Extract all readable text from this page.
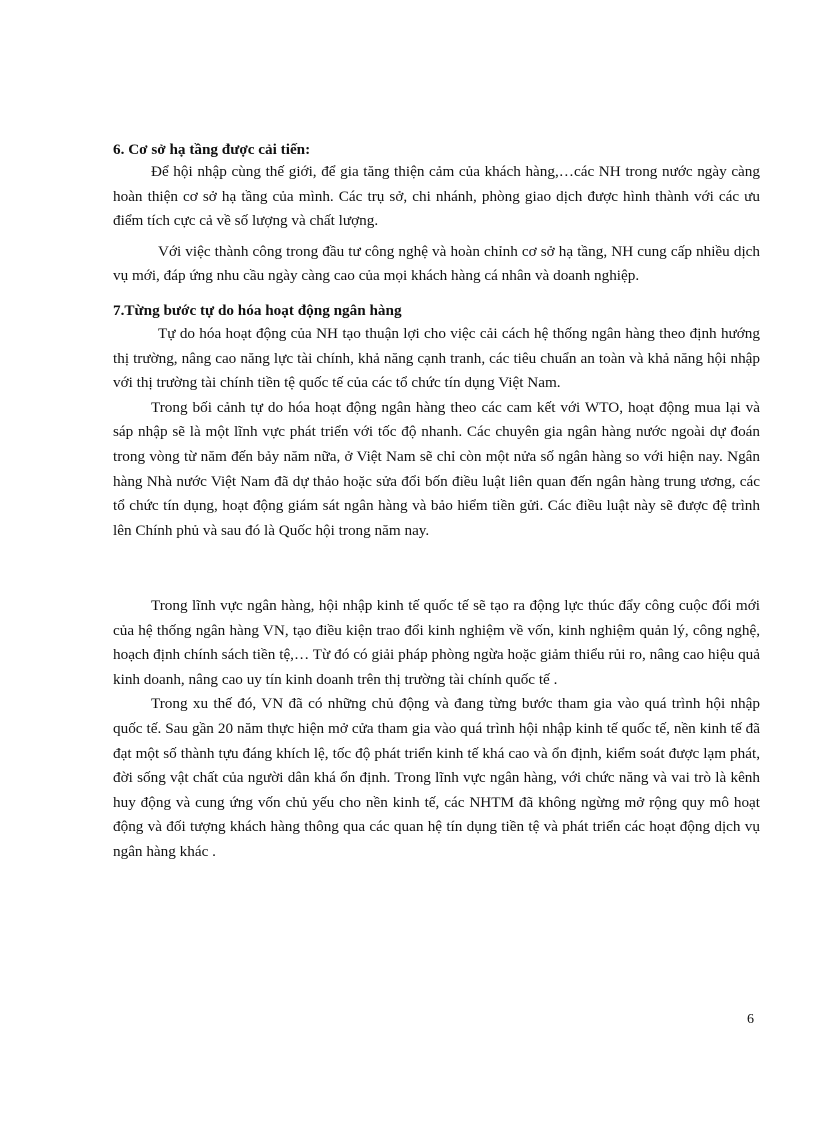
6. Cơ sở hạ tầng được cải tiến:

Để hội nhập cùng thế giới, để gia tăng thiện cảm của khách hàng,…các NH trong nước ngày càng hoàn thiện cơ sở hạ tầng của mình. Các trụ sở, chi nhánh, phòng giao dịch được hình thành với các ưu điểm tích cực cả về số lượng và chất lượng.

Với việc thành công trong đầu tư công nghệ và hoàn chỉnh cơ sở hạ tầng, NH cung cấp nhiều dịch vụ mới, đáp ứng nhu cầu ngày càng cao của mọi khách hàng cá nhân và doanh nghiệp.

7.Từng bước tự do hóa hoạt động ngân hàng

Tự do hóa hoạt động của NH tạo thuận lợi cho việc cải cách hệ thống ngân hàng theo định hướng thị trường, nâng cao năng lực tài chính, khả năng cạnh tranh, các tiêu chuẩn an toàn và khả năng hội nhập với thị trường tài chính tiền tệ quốc tế của các tổ chức tín dụng Việt Nam.

Trong bối cảnh tự do hóa hoạt động ngân hàng theo các cam kết với WTO, hoạt động mua lại và sáp nhập sẽ là một lĩnh vực phát triển với tốc độ nhanh. Các chuyên gia ngân hàng nước ngoài dự đoán trong vòng từ năm đến bảy năm nữa, ở Việt Nam sẽ chỉ còn một nửa số ngân hàng so với hiện nay. Ngân hàng Nhà nước Việt Nam đã dự thảo hoặc sửa đổi bốn điều luật liên quan đến ngân hàng trung ương, các tổ chức tín dụng, hoạt động giám sát ngân hàng và bảo hiểm tiền gửi. Các điều luật này sẽ được đệ trình lên Chính phủ và sau đó là Quốc hội trong năm nay.

Trong lĩnh vực ngân hàng, hội nhập kinh tế quốc tế sẽ tạo ra động lực thúc đẩy công cuộc đổi mới của hệ thống ngân hàng VN, tạo điều kiện trao đổi kinh nghiệm về vốn, kinh nghiệm quản lý, công nghệ, hoạch định chính sách tiền tệ,… Từ đó có giải pháp phòng ngừa hoặc giảm thiểu rủi ro, nâng cao hiệu quả kinh doanh, nâng cao uy tín kinh doanh trên thị trường tài chính quốc tế .

Trong xu thế đó, VN đã có những chủ động và đang từng bước tham gia vào quá trình hội nhập quốc tế. Sau gần 20 năm thực hiện mở cửa tham gia vào quá trình hội nhập kinh tế quốc tế, nền kinh tế đã đạt một số thành tựu đáng khích lệ, tốc độ phát triển kinh tế khá cao và ổn định, kiểm soát được lạm phát, đời sống vật chất của người dân khá ổn định. Trong lĩnh vực ngân hàng, với chức năng và vai trò là kênh huy động và cung ứng vốn chủ yếu cho nền kinh tế, các NHTM đã không ngừng mở rộng quy mô hoạt động và đối tượng khách hàng thông qua các quan hệ tín dụng tiền tệ và phát triển các hoạt động dịch vụ ngân hàng khác .

6
